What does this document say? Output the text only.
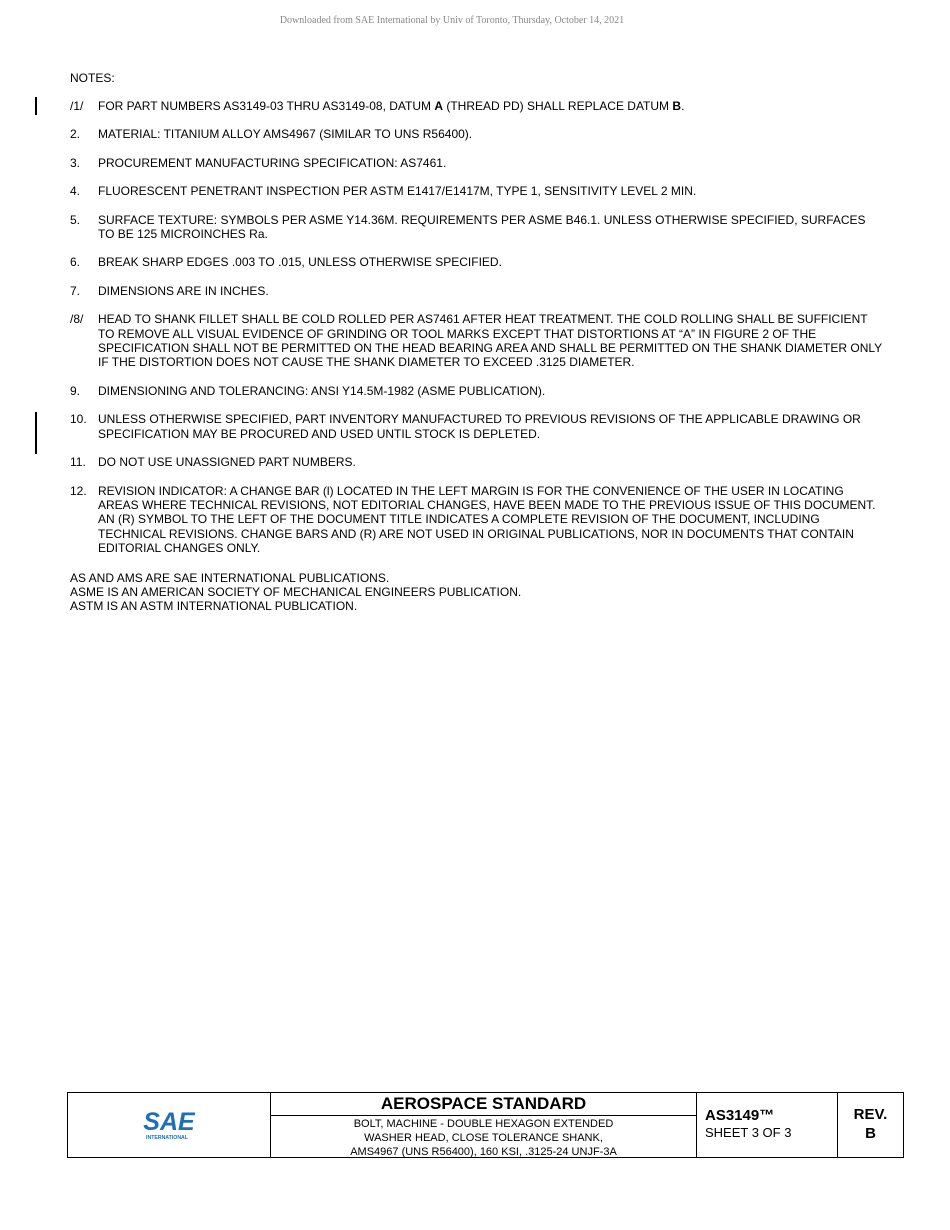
Downloaded from SAE International by Univ of Toronto, Thursday, October 14, 2021
NOTES:
/1/	FOR PART NUMBERS AS3149-03 THRU AS3149-08, DATUM A (THREAD PD) SHALL REPLACE DATUM B.
2.	MATERIAL: TITANIUM ALLOY AMS4967 (SIMILAR TO UNS R56400).
3.	PROCUREMENT MANUFACTURING SPECIFICATION: AS7461.
4.	FLUORESCENT PENETRANT INSPECTION PER ASTM E1417/E1417M, TYPE 1, SENSITIVITY LEVEL 2 MIN.
5.	SURFACE TEXTURE: SYMBOLS PER ASME Y14.36M. REQUIREMENTS PER ASME B46.1. UNLESS OTHERWISE SPECIFIED, SURFACES TO BE 125 MICROINCHES Ra.
6.	BREAK SHARP EDGES .003 TO .015, UNLESS OTHERWISE SPECIFIED.
7.	DIMENSIONS ARE IN INCHES.
/8/	HEAD TO SHANK FILLET SHALL BE COLD ROLLED PER AS7461 AFTER HEAT TREATMENT. THE COLD ROLLING SHALL BE SUFFICIENT TO REMOVE ALL VISUAL EVIDENCE OF GRINDING OR TOOL MARKS EXCEPT THAT DISTORTIONS AT “A” IN FIGURE 2 OF THE SPECIFICATION SHALL NOT BE PERMITTED ON THE HEAD BEARING AREA AND SHALL BE PERMITTED ON THE SHANK DIAMETER ONLY IF THE DISTORTION DOES NOT CAUSE THE SHANK DIAMETER TO EXCEED .3125 DIAMETER.
9.	DIMENSIONING AND TOLERANCING: ANSI Y14.5M-1982 (ASME PUBLICATION).
10. UNLESS OTHERWISE SPECIFIED, PART INVENTORY MANUFACTURED TO PREVIOUS REVISIONS OF THE APPLICABLE DRAWING OR SPECIFICATION MAY BE PROCURED AND USED UNTIL STOCK IS DEPLETED.
11.	DO NOT USE UNASSIGNED PART NUMBERS.
12. REVISION INDICATOR: A CHANGE BAR (l) LOCATED IN THE LEFT MARGIN IS FOR THE CONVENIENCE OF THE USER IN LOCATING AREAS WHERE TECHNICAL REVISIONS, NOT EDITORIAL CHANGES, HAVE BEEN MADE TO THE PREVIOUS ISSUE OF THIS DOCUMENT. AN (R) SYMBOL TO THE LEFT OF THE DOCUMENT TITLE INDICATES A COMPLETE REVISION OF THE DOCUMENT, INCLUDING TECHNICAL REVISIONS. CHANGE BARS AND (R) ARE NOT USED IN ORIGINAL PUBLICATIONS, NOR IN DOCUMENTS THAT CONTAIN EDITORIAL CHANGES ONLY.
AS AND AMS ARE SAE INTERNATIONAL PUBLICATIONS.
ASME IS AN AMERICAN SOCIETY OF MECHANICAL ENGINEERS PUBLICATION.
ASTM IS AN ASTM INTERNATIONAL PUBLICATION.
SAE
INTERNATIONAL
AEROSPACE STANDARD
BOLT, MACHINE - DOUBLE HEXAGON EXTENDED
WASHER HEAD, CLOSE TOLERANCE SHANK,
AMS4967 (UNS R56400), 160 KSI, .3125-24 UNJF-3A
AS3149™
SHEET 3 OF 3
REV.
B
